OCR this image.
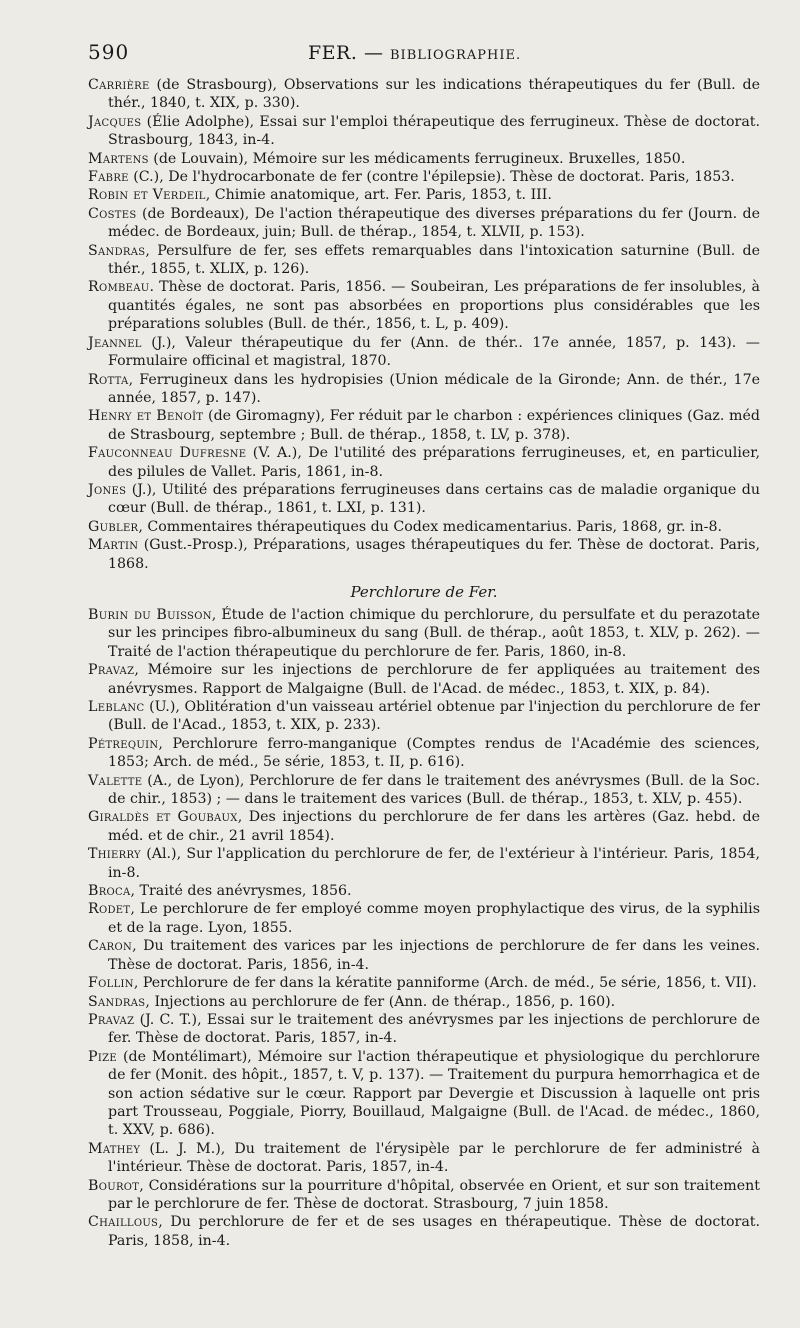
590	FER. — BIBLIOGRAPHIE.

Carrière (de Strasbourg), Observations sur les indications thérapeutiques du fer (Bull. de thér., 1840, t. XIX, p. 330).

Jacques (Élie Adolphe), Essai sur l'emploi thérapeutique des ferrugineux. Thèse de doctorat. Strasbourg, 1843, in-4.

Martens (de Louvain), Mémoire sur les médicaments ferrugineux. Bruxelles, 1850.

Fabre (C.), De l'hydrocarbonate de fer (contre l'épilepsie). Thèse de doctorat. Paris, 1853.

Robin et Verdeil, Chimie anatomique, art. Fer. Paris, 1853, t. III.

Costes (de Bordeaux), De l'action thérapeutique des diverses préparations du fer (Journ. de médec. de Bordeaux, juin; Bull. de thérap., 1854, t. XLVII, p. 153).

Sandras, Persulfure de fer, ses effets remarquables dans l'intoxication saturnine (Bull. de thér., 1855, t. XLIX, p. 126).

Rombeau. Thèse de doctorat. Paris, 1856. — Soubeiran, Les préparations de fer insolubles, à quantités égales, ne sont pas absorbées en proportions plus considérables que les préparations solubles (Bull. de thér., 1856, t. L, p. 409).

Jeannel (J.), Valeur thérapeutique du fer (Ann. de thér.. 17e année, 1857, p. 143). — Formulaire officinal et magistral, 1870.

Rotta, Ferrugineux dans les hydropisies (Union médicale de la Gironde; Ann. de thér., 17e année, 1857, p. 147).

Henry et Benoît (de Giromagny), Fer réduit par le charbon : expériences cliniques (Gaz. méd de Strasbourg, septembre ; Bull. de thérap., 1858, t. LV, p. 378).

Fauconneau Dufresne (V. A.), De l'utilité des préparations ferrugineuses, et, en particulier, des pilules de Vallet. Paris, 1861, in-8.

Jones (J.), Utilité des préparations ferrugineuses dans certains cas de maladie organique du cœur (Bull. de thérap., 1861, t. LXI, p. 131).

Gubler, Commentaires thérapeutiques du Codex medicamentarius. Paris, 1868, gr. in-8.

Martin (Gust.-Prosp.), Préparations, usages thérapeutiques du fer. Thèse de doctorat. Paris, 1868.

Perchlorure de Fer.

Burin du Buisson, Étude de l'action chimique du perchlorure, du persulfate et du perazotate sur les principes fibro-albumineux du sang (Bull. de thérap., août 1853, t. XLV, p. 262). — Traité de l'action thérapeutique du perchlorure de fer. Paris, 1860, in-8.

Pravaz, Mémoire sur les injections de perchlorure de fer appliquées au traitement des anévrysmes. Rapport de Malgaigne (Bull. de l'Acad. de médec., 1853, t. XIX, p. 84).

Leblanc (U.), Oblitération d'un vaisseau artériel obtenue par l'injection du perchlorure de fer (Bull. de l'Acad., 1853, t. XIX, p. 233).

Pétrequin, Perchlorure ferro-manganique (Comptes rendus de l'Académie des sciences, 1853; Arch. de méd., 5e série, 1853, t. II, p. 616).

Valette (A., de Lyon), Perchlorure de fer dans le traitement des anévrysmes (Bull. de la Soc. de chir., 1853) ; — dans le traitement des varices (Bull. de thérap., 1853, t. XLV, p. 455).

Giraldès et Goubaux, Des injections du perchlorure de fer dans les artères (Gaz. hebd. de méd. et de chir., 21 avril 1854).

Thierry (Al.), Sur l'application du perchlorure de fer, de l'extérieur à l'intérieur. Paris, 1854, in-8.

Broca, Traité des anévrysmes, 1856.

Rodet, Le perchlorure de fer employé comme moyen prophylactique des virus, de la syphilis et de la rage. Lyon, 1855.

Caron, Du traitement des varices par les injections de perchlorure de fer dans les veines. Thèse de doctorat. Paris, 1856, in-4.

Follin, Perchlorure de fer dans la kératite panniforme (Arch. de méd., 5e série, 1856, t. VII).

Sandras, Injections au perchlorure de fer (Ann. de thérap., 1856, p. 160).

Pravaz (J. C. T.), Essai sur le traitement des anévrysmes par les injections de perchlorure de fer. Thèse de doctorat. Paris, 1857, in-4.

Pize (de Montélimart), Mémoire sur l'action thérapeutique et physiologique du perchlorure de fer (Monit. des hôpit., 1857, t. V, p. 137). — Traitement du purpura hemorrhagica et de son action sédative sur le cœur. Rapport par Devergie et Discussion à laquelle ont pris part Trousseau, Poggiale, Piorry, Bouillaud, Malgaigne (Bull. de l'Acad. de médec., 1860, t. XXV, p. 686).

Mathey (L. J. M.), Du traitement de l'érysipèle par le perchlorure de fer administré à l'intérieur. Thèse de doctorat. Paris, 1857, in-4.

Bourot, Considérations sur la pourriture d'hôpital, observée en Orient, et sur son traitement par le perchlorure de fer. Thèse de doctorat. Strasbourg, 7 juin 1858.

Chaillous, Du perchlorure de fer et de ses usages en thérapeutique. Thèse de doctorat. Paris, 1858, in-4.
